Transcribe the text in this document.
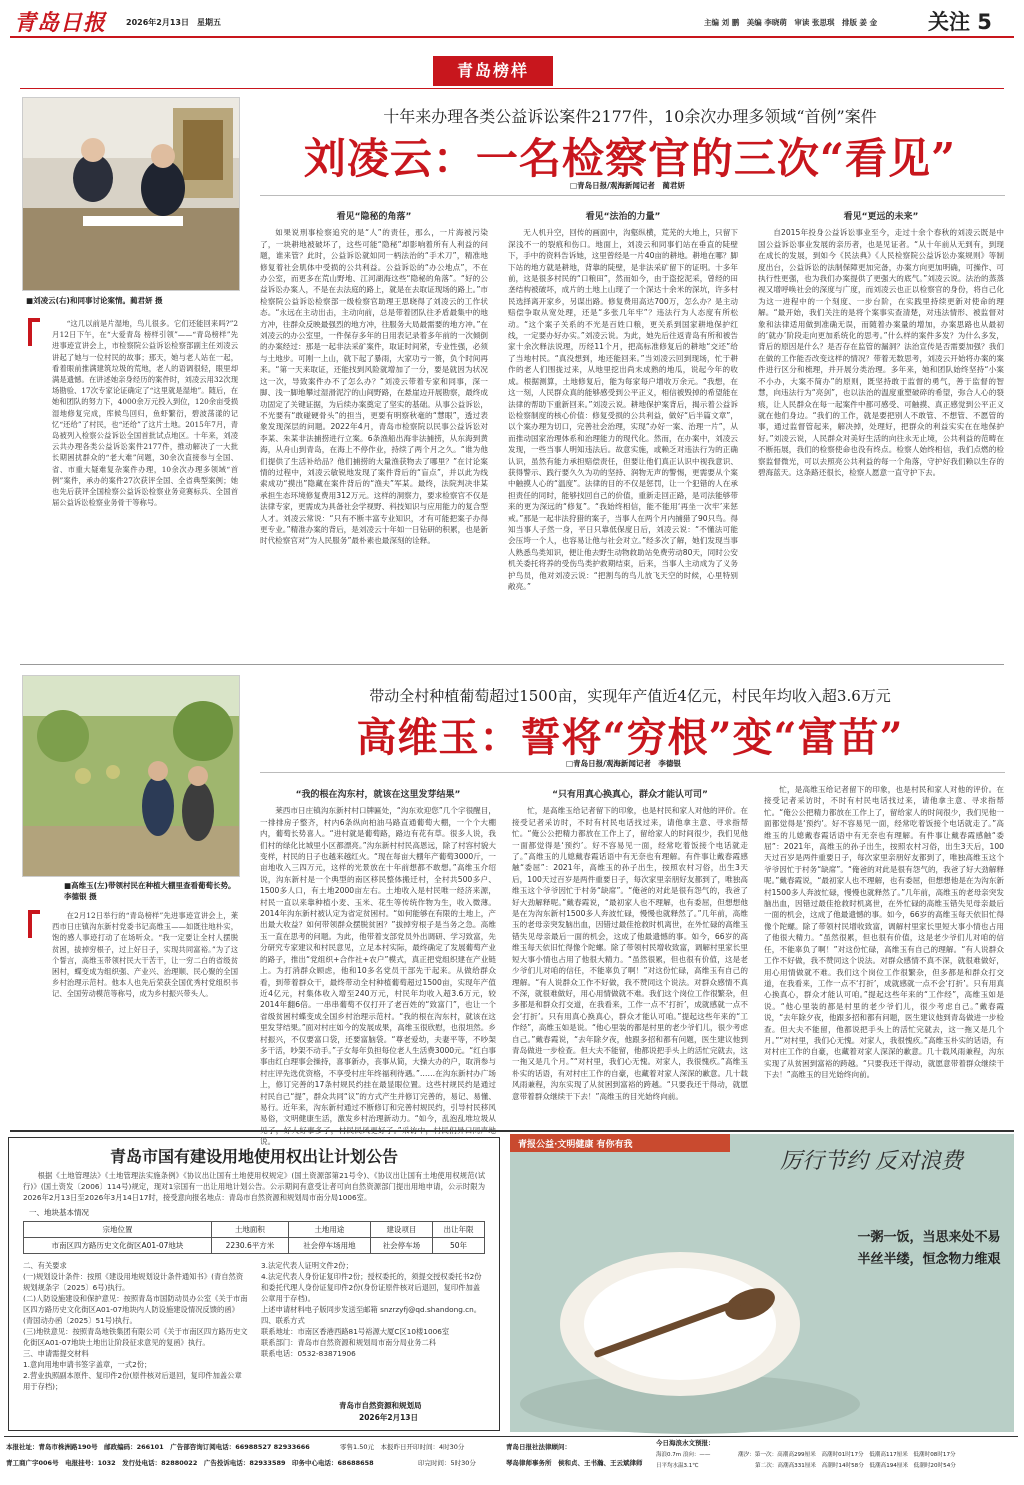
青岛日报 2026年2月13日　星期五	主编 刘 鹏　美编 李晓萌　审读 张思琪　排版 姜 金 关注 5
青岛榜样
■刘凌云(右)和同事讨论案情。蔺君妍 摄

“这几以前是片湿地，鸟儿很多。它们还能回来吗?”2月12日下午，在“大爱青岛 榜样引领”——“青岛榜样”先进事迹宣讲会上，市检察院公益诉讼检察部副主任刘凌云讲起了她与一位村民的故事；那天，她与老人站在一起，看着眼前推满建筑垃圾的荒地，老人的语调很轻，眼里却满是遗憾。在讲述她亲身经历的案件时，刘凌云用32次现场勘验、17次专家论证确定了“这里就是湿地”。随后，在她和团队的努力下，4000余万元投入到位，120余亩受损湿地修复完成，库候鸟回归，鱼虾繁衍，碧波荡漾的记忆“还给”了村民，也“还给”了这片土地。2015年7月，青岛被列入检察公益诉讼全国首批试点地区。十年来，刘凌云共办理各类公益诉讼案件2177件，推动解决了一大批长期困扰群众的“老大难”问题，30余次直接参与全国、省、市重大疑难复杂案件办理，10余次办理多领域“首例”案件，承办的案件27次获评全国、全省典型案例；她也先后获评全国检察公益诉讼检察业务竞赛标兵、全国首届公益诉讼检察业务骨干等称号。

十年来办理各类公益诉讼案件2177件，10余次办理多领域“首例”案件
刘凌云：一名检察官的三次“看见”
□青岛日报/观海新闻记者　蔺君妍
看见“隐秘的角落”

如果说刑事检察追究的是“人”的责任，那么，一片海被污染了，一块耕地被破坏了，这些可能“隐秘”却影响着所有人利益的问题，谁来管？此时，公益诉讼就如同一柄法治的“手术刀”，精准地修复着社会肌体中受损的公共利益。公益诉讼的“办公地点”，不在办公室，而更多在荒山野地、江河湖海这些“隐秘的角落”。“好的公益诉讼办案人，不是在去法庭的路上，就是在去取证现场的路上。”市检察院公益诉讼检察部一级检察官助理王思晓得了刘凌云的工作状态。“永远在主动出击，主动向前，总是带着团队往矛盾最集中的地方冲，往群众反映最强烈的地方冲，往服务大局最需要的地方冲。”在刘凌云的办公室里，一件保存多年的日用表记录着多年前的一次倾倒的办案经过：那是一起非法采矿案件，取证时间紧，专业性强，必须与土地步。可刚一上山，就下起了暴雨，大家功亏一篑，负个时间再来。“第一天来取证，还能找到风险就增加了一分，要是就因为状况这一次，导致案件办不了怎么办？”刘凌云带着专家和同事，深一脚、浅一脚地攀过湿滑泥泞的山间野路，在悬崖边开展勘察，最终成功固定了关键证据，为后续办案奠定了坚实的基础。从事公益诉讼，不光要有“敢碰硬骨头”的担当，更要有明察秋毫的“慧眼”，透过表象发现深层的问题。2022年4月，青岛市检察院以民事公益诉讼对李某、朱某非法捕捞进行立案。6条渔船出海非法捕捞，从东海到黄海，从舟山到青岛，在海上不停作业，持续了两个月之久。“谁为他们提供了生活补给品？他们捕捞的大量渔获物去了哪里？”在讨论案情的过程中，刘凌云敏锐地发现了案件背后的“盲点”，并以此为线索成功“摸出”隐藏在案件背后的“渔夫”军某。最终，法院判决非某承担生态环境修复费用312万元。这样的洞察力，要求检察官不仅是法律专家，更需成为具备社会学视野、科技知识与应用能力的复合型人才。刘凌云常说：“只有不断丰富专业知识，才有可能把案子办得更专业。”精准办案的背后，是刘凌云十年如一日钻研的积累，也是新时代检察官对“为人民服务”最朴素也最深刻的诠释。

看见“法治的力量”

无人机升空，回传的画面中，沟壑纵横，荒芜的大地上，只留下深浅不一的裂痕和伤口。地面上，刘凌云和同事们站在垂直的陡壁下，手中的资料告诉她，这里曾经是一片40亩的耕地。耕地在哪？脚下站的地方就是耕地，背靠的陡壁，是非法采矿留下的证明。十多年前，这是很多村民的“口粮田”，然而如今，由于盗挖泥采，曾经的田垄结构被破坏，成片的土地上山现了一个深达十余米的深坑，许多村民选择离开家乡，另谋出路。修复费用高达700万，怎么办？是主动赔偿争取从宽处理，还是“多张几年牢”？违法行为人态度有所松动。“这个案子关系的不光是百姓口粮，更关系到国家耕地保护红线，一定要办好办实。”刘凌云说。为此，她先后往返青岛有所和被告家十余次释法说理，历经11个月，把高标准修复后的耕地“交还”给了当地村民。“真没想到，地还能回来。”当刘凌云回到现场，忙于耕作的老人们围拢过来，从地里挖出尚未成熟的地瓜，说起今年的收成。根据测算，土地修复后，能为每家每户增收万余元。“我想，在这一刻，人民群众真的能够感受到公平正义，相信被毁掉的希望能在法律的帮助下重新回来。”刘凌云说。耕地保护案背后，揭示着公益诉讼检察制度的核心价值：修复受损的公共利益，做好“后半篇文章”，以个案办理为切口，完善社会治理，实现“办好一案、治理一片”，从而推动国家治理体系和治理能力的现代化。然而，在办案中，刘凌云发现，一些当事人明知违法后。故意实施，或赖乏对违法行为的正确认识，虽然有能力承担赔偿责任，但要让他们真正认识中视我意识、获得警示、践行要久久为功的坚持、润物无声的警惕，更需要从个案中触摸人心的“温度”。法律的目的不仅是惩罚，让一个犯错的人在承担责任的同时，能够找回自己的价值，重新走回正路，是司法能够带来的更为深远的“修复”。“我始终相信，能不能用‘再坐一次牢’来惩戒。”那是一起非法狩猎的案子，当事人在两个月内捕猎了90只鸟。得知当事人子然一身，平日只靠低保度日后，刘凌云说：“不懂法可能会压垮一个人，也容易让他与社会对立。”经多次了解，她们发现当事人熟悉鸟类知识，便让他去野生动物救助站免费劳动80天，同时公安机关委托将养的受伤鸟类护救期结束，后来，当事人主动成为了义务护鸟员，他对刘凌云说：“把割鸟的鸟儿放飞天空的时候，心里特别敞亮。”

看见“更远的未来”

自2015年投身公益诉讼事业至今，走过十余个春秋的刘凌云既是中国公益诉讼事业发展的亲历者，也是见证者。“从十年前从无到有，到现在成长的发展，到如今《民法典》《人民检察院公益诉讼办案规则》等制度出台，公益诉讼的法制保障更加完备，办案方向更加明确，可操作、可执行性更强，也为我们办案提供了更强大的底气。”刘凌云说。法治的蒸蒸视又增呼唤社会的深度与广度，而刘凌云也正以检察官的身份，将自己化为这一进程中的一个刻度、一步台阶，在实践里持续更新对使命的理解。“最开始，我们关注的是将个案事实查清楚，对违法情形、被监督对象和法律适用做到准确无误，而随着办案量的增加，办案思路也从最初的‘就办’阶段走向更加系统化的思考。”什么样的案件多发？为什么多发，背后的原因是什么？是否存在监管的漏洞？法治宣传是否需要加强？我们在做的工作能否改变这样的情况？带着无数思考，刘凌云开始将办案的案件进行区分和梳理，并开展分类治理。多年来，她和团队始终坚持“小案不小办，大案不简办”的原则，既坚持敢于监督的勇气，善于监督的智慧，向违法行为“亮剑”，也以法治的温度重塑破碎的希望，弥合人心的裂痕，让人民群众在每一起案件中都可感受、可触摸、真正感觉到公平正义就在他们身边。“我们的工作，就是要把别人不敢管、不想管、不愿管的事，通过监督管起来，解决掉，处理好，把群众的利益实实在在地保护好。”刘凌云说，人民群众对美好生活的向往永无止境，公共利益的范畴在不断拓展，我们的检察使命也没有终点。检察人始终相信，我们点燃的检察监督微光，可以去照亮公共利益的每一个角落，守护好我们赖以生存的碧海蓝天。这条路还很长，检察人愿意一直守护下去。

■高维玉(左)带领村民在种植大棚里查看葡萄长势。　李德银 摄

在2月12日举行的“青岛榜样”先进事迹宣讲会上，莱西市日庄镇沟东新村党委书记高维玉——如既往地朴实，饱的感人事迹打动了在场听众。“我一定要让全村人摆脱贫困，拔掉穷根子，过上好日子，实现共同富裕。”为了这个誓言，高维玉带领村民大干苦干，让一穷二白的省级贫困村，蝶变成为组织强、产业兴、治理顺、民心聚的全国乡村治理示范村。他本人也先后荣获全国优秀村党组织书记、全国劳动模范等称号，成为乡村振兴带头人。

带动全村种植葡萄超过1500亩，实现年产值近4亿元，村民年均收入超3.6万元
高维玉：誓将“穷根”变“富苗”
□青岛日报/观海新闻记者　李德银
“我的根在沟东村，就该在这里发芽结果”

莱西市日庄镇沟东新村村口牌匾处，“沟东欢迎您”几个字很醒目，一排排房子整齐，村内6条纵向柏油马路直通葡萄大棚，一个个大棚内，葡萄长势喜人。“进村就是葡萄路，路边有花有草。很多人说，我们村的绿化比城里小区都漂亮。”沟东新村村民高恩远，除了村容村貌大变样，村民的日子也越来越红火。“现在每亩大棚年产葡萄3000斤，一亩地收入三四万元，这样的光景放在十年前想都不敢想。”高维玉介绍说，沟东新村是一个典型的南区移民整体搬迁村，全村共500多户、1500多人口，有土地2000亩左右。土地收入是村民唯一经济来源，村民一直以来靠种植小麦、玉米、花生等传统作物为生，收入微薄。2014年沟东新村被认定为省定贫困村。“如何能够在有限的土地上，产出最大收益？如何带领群众摆脱贫困？”拔掉穷根子是当务之急。高维玉一直在思考的问题。为此，他带着支部党员外出调研、学习致富，先分研究专家建议和村民意见，立足本村实际，最终确定了发展葡萄产业的路子，推出“党组织+合作社+农户”模式，真正把党组织建在产业链上。为打消群众顾虑，他和10多名党员干部先干起来。从做给群众看，到带着群众干，最终带动全村种植葡萄超过1500亩，实现年产值近4亿元，村集体收入增至240万元，村民年均收入超3.6万元，较2014年翻6倍。一串串葡萄不仅打开了老百姓的“致富门”，也让一个省级贫困村蝶变成全国乡村治理示范村。“我的根在沟东村，就该在这里发芽结果。”面对村庄如今的发展成果，高维玉很欣慰，也很坦然。乡村振兴，不仅要富口袋，还要富脑袋。“尊老爱幼，夫妻平等，不吵架多干活，吵架不动手。”子女每年负担每位老人生活费3000元。“红白事事由红白理事会操持，喜事新办，丧事从简，大操大办的户，取消参与村庄评先选优资格，不享受村庄年终福利待遇。”……在沟东新村办广场上，修订完善的17条村规民约挂在最显眼位置。这些村规民约是通过村民自己“提”，群众共同“议”的方式产生并修订完善的，易记、易懂、易行。近年来，沟东新村通过不断修订和完善村规民约，引导村民移风易俗，文明健康生活，激发乡村治理新动力。“如今，乱泡乱堆垃圾从 说。

“只有用真心换真心，群众才能认可司”

忙，是高维玉给记者留下的印象，也是村民和家人对他的评价。在接受记者采访时，不时有村民电话找过来，请他拿主意、寻求指帮忙。“俺公公把精力都放在工作上了，留给家人的时间很少，我们见他一面都觉得是‘预约’。好不容易见一面，经常吃着饭接个电话就走了。”高维玉的儿媳戴春霞话语中有无奈也有理解。有件事让戴春霞感触“委屈”：2021年，高维玉的孙子出生，按照农村习俗，出生3天后，100天过百岁是两件重要日子，每次家里亲朋好友都到了，唯独高维玉这个爷爷因忙于村务“缺席”。“俺爸的对此是很有怨气的，我爸了好大劲解释呢。”戴春霞说，“最初家人也不理解，也有委屈，但想想他是在为沟东新村1500多人奔波忙碌，慢慢也就释然了。”几年前，高维玉的老母亲突发脑出血，因错过最佳抢救时机离世，在外忙碌的高维玉错失见母亲最后一面的机会，这成了他最遗憾的事。如今，66岁的高维玉每天依旧忙得像个陀螺。除了带领村民增收致富，调解村里家长里短大事小情也占用了他很大精力。“虽然很累，但也很有价值，这是老少爷们儿对咱的信任，不能辜负了啊！”对这份忙碌，高维玉有自己的理解。“有人说群众工作不好做，我不赞同这个说法。对群众感情不真不深，就很难做好，用心用情做就不难。我们这个岗位工作很繁杂，但多都是和群众打交道，在我看来，工作一点不‘打折’，成就感就一点不会‘打折’。只有用真心换真心，群众才能认可咱。”提起这些年来的“工作经”，高维玉如是说。“他心里装的都是村里的老少爷们儿，很少考虑自己。”戴春霞说，“去年除夕夜，他跟多招和都有问题，医生建议他到青岛做进一步检查。但大夫不能留，他都说把手头上的活忙完就去，这一拖又是几个月。”“对村里，我们心无愧。对家人，我很愧疚。”高维玉朴实的话语，有对村庄工作的自豪，也藏着对家人深深的歉意。几十载风雨兼程，沟东实现了从贫困到富裕的跨越。“只要我还干得动，就愿意带着群众继续干下去！”高维玉的目光始终向前。

忙，是高维玉给记者留下的印象，也是村民和家人对他的评价。在接受记者采访时，不时有村民电话找过来，请他拿主意、寻求指帮忙。“俺公公把精力都放在工作上了，留给家人的时间很少，我们见他一面都觉得是‘预约’。好不容易见一面，经常吃着饭接个电话就走了。”高维玉的儿媳戴春霞话语中有无奈也有理解。有件事让戴春霞感触“委屈”：2021年，高维玉的孙子出生，按照农村习俗，出生3天后，100天过百岁是两件重要日子，每次家里亲朋好友都到了，唯独高维玉这个爷爷因忙于村务“缺席”。“俺爸的对此是很有怨气的，我爸了好大劲解释呢。”戴春霞说，“最初家人也不理解，也有委屈，但想想他是在为沟东新村1500多人奔波忙碌，慢慢也就释然了。”几年前，高维玉的老母亲突发脑出血，因错过最佳抢救时机离世，在外忙碌的高维玉错失见母亲最后一面的机会，这成了他最遗憾的事。如今，66岁的高维玉每天依旧忙得像个陀螺。除了带领村民增收致富，调解村里家长里短大事小情也占用了他很大精力。“虽然很累，但也很有价值，这是老少爷们儿对咱的信任，不能辜负了啊！”对这份忙碌，高维玉有自己的理解。“有人说群众工作不好做，我不赞同这个说法。对群众感情不真不深，就很难做好，用心用情做就不难。我们这个岗位工作很繁杂，但多都是和群众打交道，在我看来，工作一点不‘打折’，成就感就一点不会‘打折’。只有用真心换真心，群众才能认可咱。”提起这些年来的“工作经”，高维玉如是说。“他心里装的都是村里的老少爷们儿，很少考虑自己。”戴春霞说，“去年除夕夜，他跟多招和都有问题，医生建议他到青岛做进一步检查。但大夫不能留，他都说把手头上的活忙完就去，这一拖又是几个月。”“对村里，我们心无愧。对家人，我很愧疚。”高维玉朴实的话语，有对村庄工作的自豪，也藏着对家人深深的歉意。几十载风雨兼程，沟东实现了从贫困到富裕的跨越。“只要我还干得动，就愿意带着群众继续干下去！”高维玉的目光始终向前。

青岛市国有建设用地使用权出让计划公告
根据《土地管理法》《土地管理法实施条例》《协议出让国有土地使用权规定》(国土资源部第21号令)、《协议出让国有土地使用权规范(试行)》(国土资发〔2006〕114号)规定，现对1宗国有一出让用地计划公告。公示期间有意受让者可向自然资源部门提出用地申请，公示时限为2026年2月13日至2026年3月14日17时，接受意向报名地点：青岛市自然资源和规划局市南分局1006室。
一、地块基本情况
宗地位置	土地面积	土地用途	建设项目	出让年限
市南区四方路历史文化街区A01-07地块	2230.6平方米	社会停车场用地	社会停车场	50年
二、有关要求
(一)规划设计条件：按照《建设用地规划设计条件通知书》(青自然资规划规条字〔2025〕6号)执行。
(二)人防设施建设和保护意见：按照青岛市国防动员办公室《关于市南区四方路历史文化街区A01-07地块内人防设施建设情况反馈的函》(青国动办函〔2025〕51号)执行。
(三)地铁意见：按照青岛地铁集团有限公司《关于市南区四方路历史文化街区A01-07地块土地出让阶段征求意见的复函》执行。
三、申请需提交材料
1.意向用地申请书签字盖章，一式2份；
2.营业执照副本原件、复印件2份(原件核对后退回，复印件加盖公章用于存档)；
3.法定代表人证明文件2份；
4.法定代表人身份证复印件2份；授权委托的，须提交授权委托书2份和委托代理人身份证复印件2份(身份证原件核对后退回，复印件加盖公章用于存档)。
上述申请材料电子版同步发送至邮箱 snzrzyfj@qd.shandong.cn。
四、联系方式
联系地址：市南区香港西路81号裕源大厦C区10楼1006室
联系部门：青岛市自然资源和规划局市南分局业务二科
联系电话：0532-83871906
青岛市自然资源和规划局
2026年2月13日
青报公益·文明健康 有你有我
厉行节约 反对浪费
一粥一饭，当思来处不易
半丝半缕，恒念物力维艰
本报社址：青岛市株洲路190号　邮政编码：266101　广告部咨询订阅电话：66988527 82933666	零售1.50元　本报昨日开印时间：4时30分
青工商广字006号　电报挂号：1032　发行处电话：82880022　广告投诉电话：82933589　印务中心电话：68688658	印完时间：5时30分
青岛日报社法律顾问：
琴岛律师事务所　侯和贞、王书瀚、王云斌律师
今日海浪水文预报：
海浪0.7m 浪向：——
日平均水温3.1℃
潮汐：第一次：高潮高299厘米　高潮时01时17分　低潮高117厘米　低潮时08时17分
第二次：高潮高331厘米　高潮时14时58分　低潮高194厘米　低潮时20时54分
